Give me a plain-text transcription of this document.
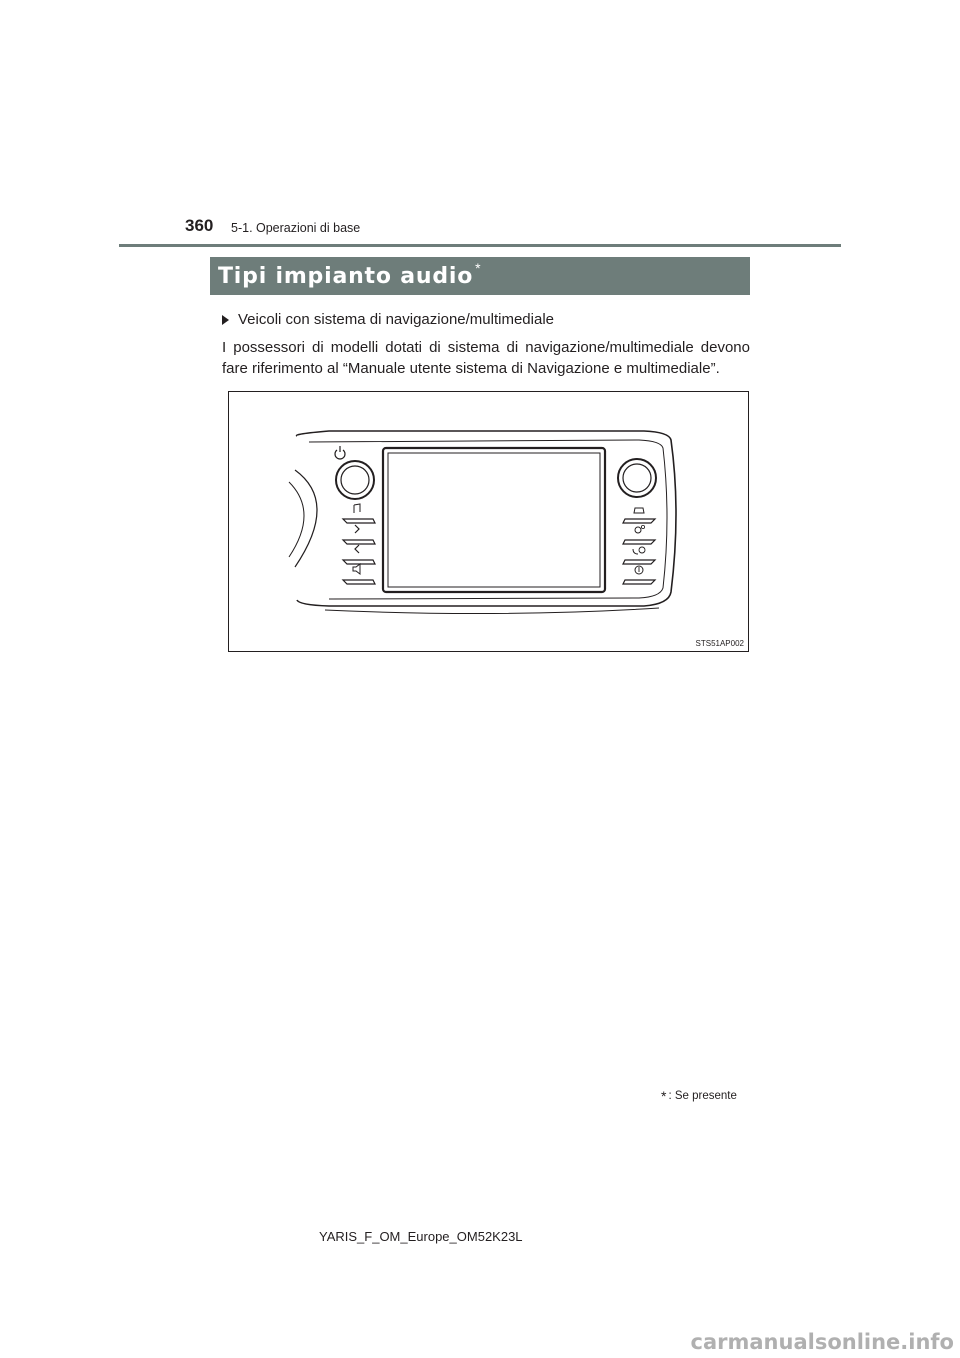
360 5-1. Operazioni di base
Tipi impianto audio *
Veicoli con sistema di navigazione/multimediale

I possessori di modelli dotati di sistema di navigazione/multimediale devono fare riferimento al “Manuale utente sistema di Navigazione e multimediale”.

STS51AP002
* : Se presente
YARIS_F_OM_Europe_OM52K23L
carmanualsonline.info
